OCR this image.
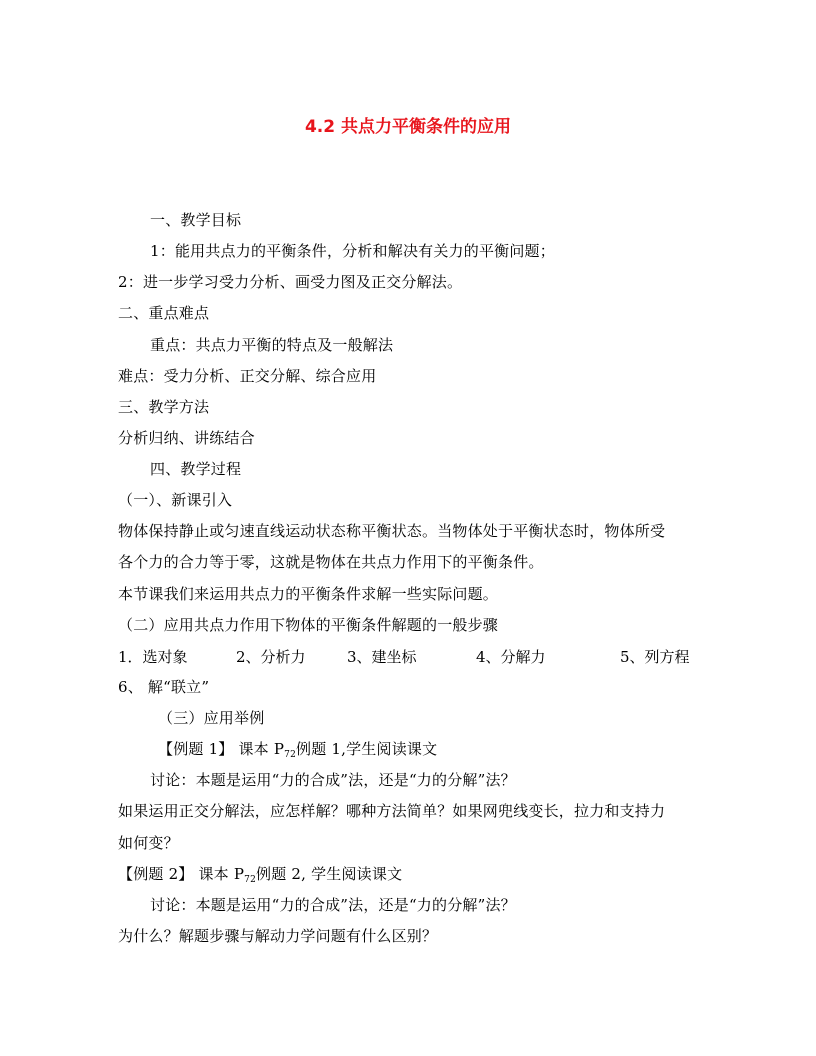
4.2 共点力平衡条件的应用
一、教学目标
1：能用共点力的平衡条件，分析和解决有关力的平衡问题；
2：进一步学习受力分析、画受力图及正交分解法。
二、重点难点
重点：共点力平衡的特点及一般解法
难点：受力分析、正交分解、综合应用
三、教学方法
分析归纳、讲练结合
四、教学过程
（一）、新课引入
物体保持静止或匀速直线运动状态称平衡状态。当物体处于平衡状态时，物体所受
各个力的合力等于零，这就是物体在共点力作用下的平衡条件。
本节课我们来运用共点力的平衡条件求解一些实际问题。
（二）应用共点力作用下物体的平衡条件解题的一般步骤
1．选对象	2、分析力	3、建坐标	4、分解力	5、列方程
6、 解“联立”
（三）应用举例
【例题 1】 课本 $P_{72}$例题 1,学生阅读课文
讨论：本题是运用“力的合成”法，还是“力的分解”法？
如果运用正交分解法，应怎样解？哪种方法简单？如果网兜线变长，拉力和支持力
如何变？
【例题 2】 课本 $P_{72}$例题 2, 学生阅读课文
讨论：本题是运用“力的合成”法，还是“力的分解”法？
为什么？解题步骤与解动力学问题有什么区别？
